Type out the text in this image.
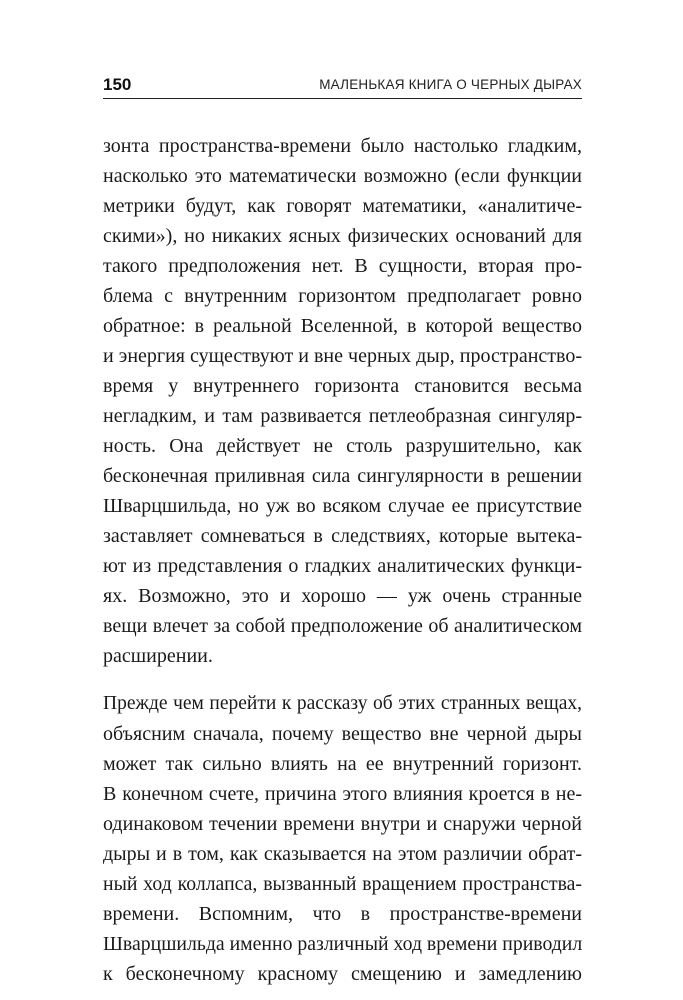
150	МАЛЕНЬКАЯ КНИГА О ЧЕРНЫХ ДЫРАХ

зонта пространства-времени было настолько гладким,
насколько это математически возможно (если функции
метрики будут, как говорят математики, «аналитиче-
скими»), но никаких ясных физических оснований для
такого предположения нет. В сущности, вторая про-
блема с внутренним горизонтом предполагает ровно
обратное: в реальной Вселенной, в которой вещество
и энергия существуют и вне черных дыр, пространство-
время у внутреннего горизонта становится весьма
негладким, и там развивается петлеобразная сингуляр-
ность. Она действует не столь разрушительно, как
бесконечная приливная сила сингулярности в решении
Шварцшильда, но уж во всяком случае ее присутствие
заставляет сомневаться в следствиях, которые вытека-
ют из представления о гладких аналитических функци-
ях. Возможно, это и хорошо — уж очень странные
вещи влечет за собой предположение об аналитическом
расширении.

Прежде чем перейти к рассказу об этих странных вещах,
объясним сначала, почему вещество вне черной дыры
может так сильно влиять на ее внутренний горизонт.
В конечном счете, причина этого влияния кроется в не-
одинаковом течении времени внутри и снаружи черной
дыры и в том, как сказывается на этом различии обрат-
ный ход коллапса, вызванный вращением пространства-
времени. Вспомним, что в пространстве-времени
Шварцшильда именно различный ход времени приводил
к бесконечному красному смещению и замедлению
